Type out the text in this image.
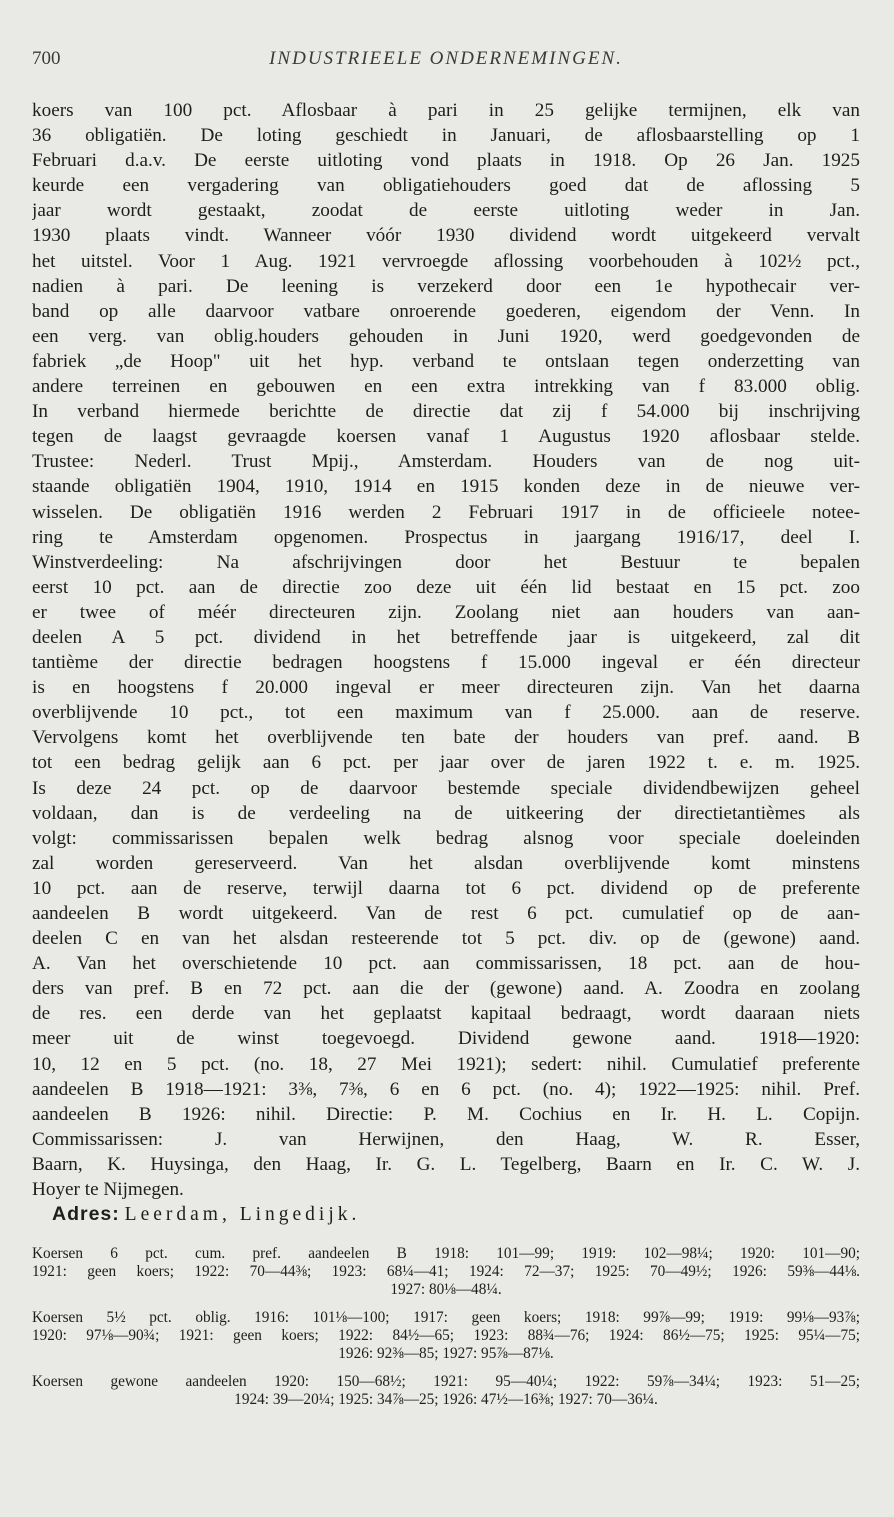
700	INDUSTRIEELE ONDERNEMINGEN.
koers van 100 pct. Aflosbaar à pari in 25 gelijke termijnen, elk van
36 obligatiën. De loting geschiedt in Januari, de aflosbaarstelling op 1
Februari d.a.v. De eerste uitloting vond plaats in 1918. Op 26 Jan. 1925
keurde een vergadering van obligatiehouders goed dat de aflossing 5
jaar wordt gestaakt, zoodat de eerste uitloting weder in Jan.
1930 plaats vindt. Wanneer vóór 1930 dividend wordt uitgekeerd vervalt
het uitstel. Voor 1 Aug. 1921 vervroegde aflossing voorbehouden à 102½ pct.,
nadien à pari. De leening is verzekerd door een 1e hypothecair ver-
band op alle daarvoor vatbare onroerende goederen, eigendom der Venn. In
een verg. van oblig.houders gehouden in Juni 1920, werd goedgevonden de
fabriek „de Hoop" uit het hyp. verband te ontslaan tegen onderzetting van
andere terreinen en gebouwen en een extra intrekking van f 83.000 oblig.
In verband hiermede berichtte de directie dat zij f 54.000 bij inschrijving
tegen de laagst gevraagde koersen vanaf 1 Augustus 1920 aflosbaar stelde.
Trustee: Nederl. Trust Mpij., Amsterdam. Houders van de nog uit-
staande obligatiën 1904, 1910, 1914 en 1915 konden deze in de nieuwe ver-
wisselen. De obligatiën 1916 werden 2 Februari 1917 in de officieele notee-
ring te Amsterdam opgenomen. Prospectus in jaargang 1916/17, deel I.
Winstverdeeling: Na afschrijvingen door het Bestuur te bepalen
eerst 10 pct. aan de directie zoo deze uit één lid bestaat en 15 pct. zoo
er twee of méér directeuren zijn. Zoolang niet aan houders van aan-
deelen A 5 pct. dividend in het betreffende jaar is uitgekeerd, zal dit
tantième der directie bedragen hoogstens f 15.000 ingeval er één directeur
is en hoogstens f 20.000 ingeval er meer directeuren zijn. Van het daarna
overblijvende 10 pct., tot een maximum van f 25.000. aan de reserve.
Vervolgens komt het overblijvende ten bate der houders van pref. aand. B
tot een bedrag gelijk aan 6 pct. per jaar over de jaren 1922 t. e. m. 1925.
Is deze 24 pct. op de daarvoor bestemde speciale dividendbewijzen geheel
voldaan, dan is de verdeeling na de uitkeering der directietantièmes als
volgt: commissarissen bepalen welk bedrag alsnog voor speciale doeleinden
zal worden gereserveerd. Van het alsdan overblijvende komt minstens
10 pct. aan de reserve, terwijl daarna tot 6 pct. dividend op de preferente
aandeelen B wordt uitgekeerd. Van de rest 6 pct. cumulatief op de aan-
deelen C en van het alsdan resteerende tot 5 pct. div. op de (gewone) aand.
A. Van het overschietende 10 pct. aan commissarissen, 18 pct. aan de hou-
ders van pref. B en 72 pct. aan die der (gewone) aand. A. Zoodra en zoolang
de res. een derde van het geplaatst kapitaal bedraagt, wordt daaraan niets
meer uit de winst toegevoegd. Dividend gewone aand. 1918—1920:
10, 12 en 5 pct. (no. 18, 27 Mei 1921); sedert: nihil. Cumulatief preferente
aandeelen B 1918—1921: 3⅜, 7⅜, 6 en 6 pct. (no. 4); 1922—1925: nihil. Pref.
aandeelen B 1926: nihil. Directie: P. M. Cochius en Ir. H. L. Copijn.
Commissarissen: J. van Herwijnen, den Haag, W. R. Esser,
Baarn, K. Huysinga, den Haag, Ir. G. L. Tegelberg, Baarn en Ir. C. W. J.
Hoyer te Nijmegen.
Adres: Leerdam, Lingedijk.
Koersen 6 pct. cum. pref. aandeelen B 1918: 101—99; 1919: 102—98¼; 1920: 101—90;
1921: geen koers; 1922: 70—44⅜; 1923: 68¼—41; 1924: 72—37; 1925: 70—49½; 1926: 59⅜—44⅛.
1927: 80⅛—48¼.
Koersen 5½ pct. oblig. 1916: 101⅛—100; 1917: geen koers; 1918: 99⅞—99; 1919: 99⅛—93⅞;
1920: 97⅛—90¾; 1921: geen koers; 1922: 84½—65; 1923: 88¾—76; 1924: 86½—75; 1925: 95¼—75;
1926: 92⅜—85; 1927: 95⅞—87⅛.
Koersen gewone aandeelen 1920: 150—68½; 1921: 95—40¼; 1922: 59⅞—34¼; 1923: 51—25;
1924: 39—20¼; 1925: 34⅞—25; 1926: 47½—16⅜; 1927: 70—36¼.
